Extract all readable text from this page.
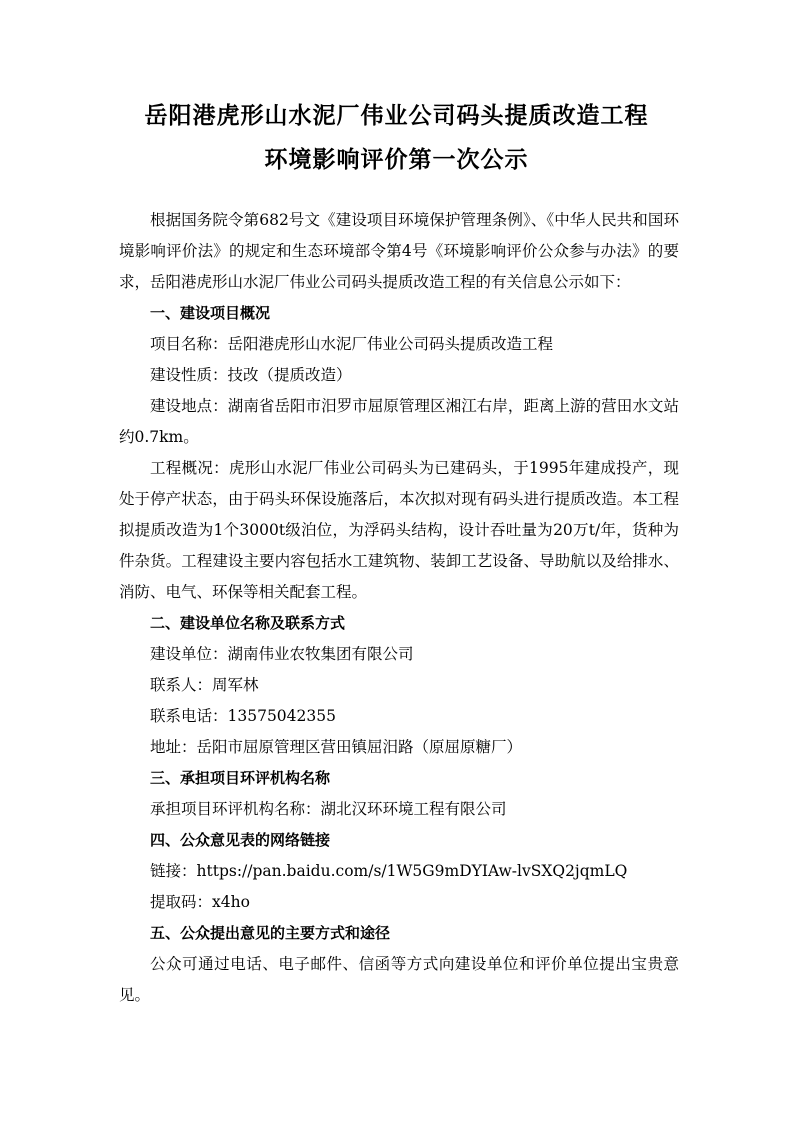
岳阳港虎形山水泥厂伟业公司码头提质改造工程
环境影响评价第一次公示

根据国务院令第682号文《建设项目环境保护管理条例》、《中华人民共和国环境影响评价法》的规定和生态环境部令第4号《环境影响评价公众参与办法》的要求，岳阳港虎形山水泥厂伟业公司码头提质改造工程的有关信息公示如下：

一、建设项目概况

项目名称：岳阳港虎形山水泥厂伟业公司码头提质改造工程

建设性质：技改（提质改造）

建设地点：湖南省岳阳市汨罗市屈原管理区湘江右岸，距离上游的营田水文站约0.7km。

工程概况：虎形山水泥厂伟业公司码头为已建码头，于1995年建成投产，现处于停产状态，由于码头环保设施落后，本次拟对现有码头进行提质改造。本工程拟提质改造为1个3000t级泊位，为浮码头结构，设计吞吐量为20万t/年，货种为件杂货。工程建设主要内容包括水工建筑物、装卸工艺设备、导助航以及给排水、消防、电气、环保等相关配套工程。

二、建设单位名称及联系方式

建设单位：湖南伟业农牧集团有限公司

联系人：周军林

联系电话：13575042355

地址：岳阳市屈原管理区营田镇屈汨路（原屈原糖厂）

三、承担项目环评机构名称

承担项目环评机构名称：湖北汉环环境工程有限公司

四、公众意见表的网络链接

链接：https://pan.baidu.com/s/1W5G9mDYIAw-lvSXQ2jqmLQ

提取码：x4ho

五、公众提出意见的主要方式和途径

公众可通过电话、电子邮件、信函等方式向建设单位和评价单位提出宝贵意见。
